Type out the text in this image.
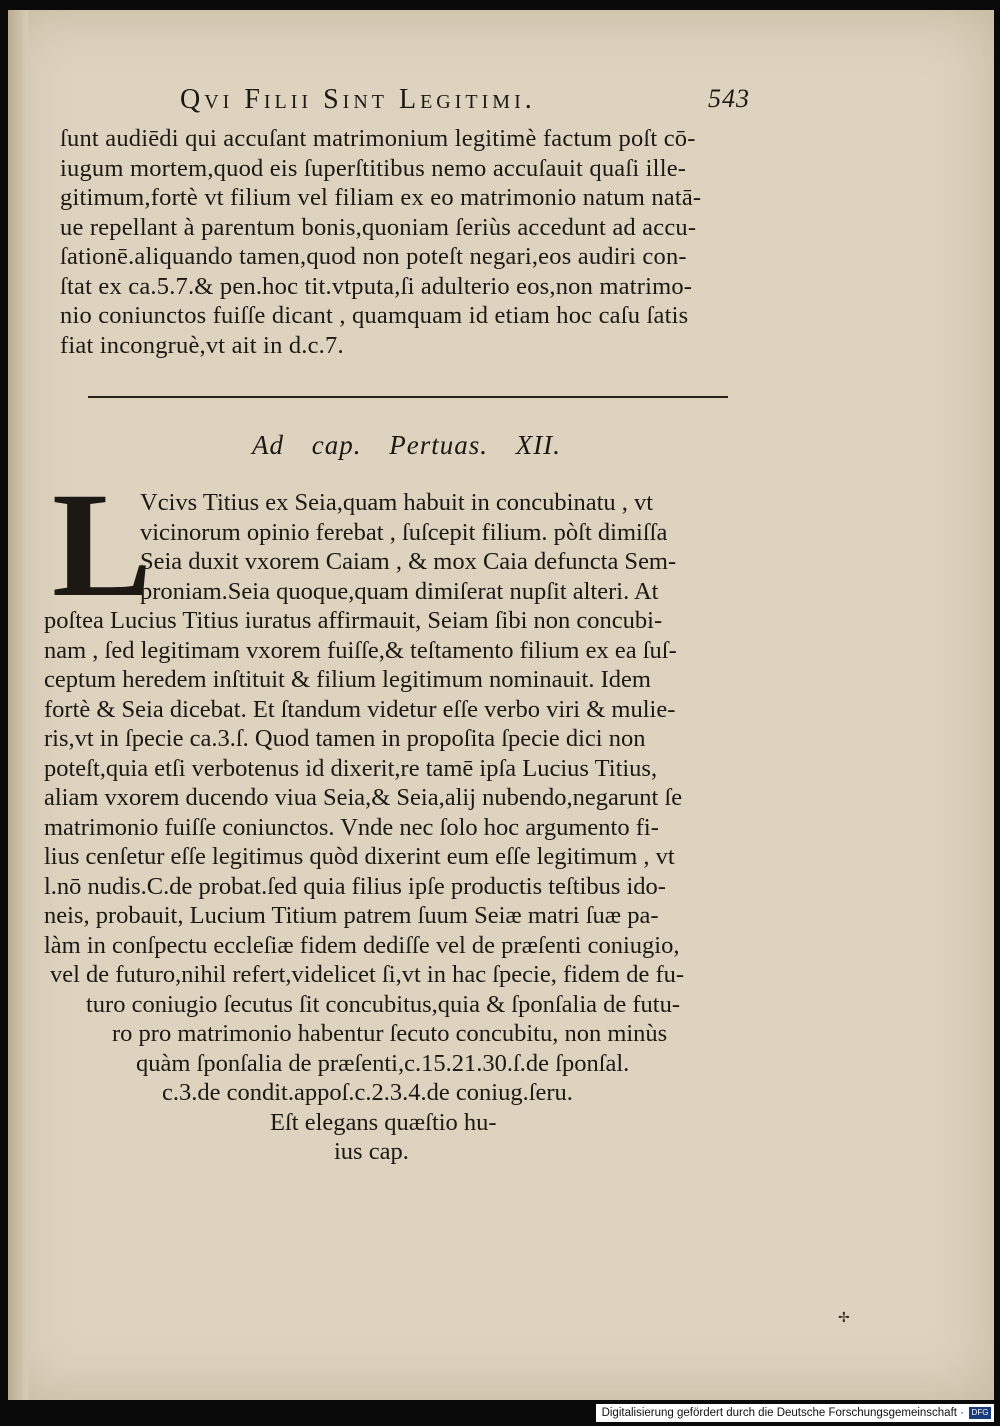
Qvi Filii Sint Legitimi.	543
ſunt audiēdi qui accuſant matrimonium legitimè factum poſt cō-
iugum mortem,quod eis ſuperſtitibus nemo accuſauit quaſi ille-
gitimum,fortè vt filium vel filiam ex eo matrimonio natum natā-
ue repellant à parentum bonis,quoniam ſeriùs accedunt ad accu-
ſationē.aliquando tamen,quod non poteſt negari,eos audiri con-
ſtat ex ca.5.7.& pen.hoc tit.vtputa,ſi adulterio eos,non matrimo-
nio coniunctos fuiſſe dicant , quamquam id etiam hoc caſu ſatis
fiat incongruè,vt ait in d.c.7.
Ad cap. Pertuas. XII.
L
Vcivs Titius ex Seia,quam habuit in concubinatu , vt
vicinorum opinio ferebat , ſuſcepit filium. pòſt dimiſſa
Seia duxit vxorem Caiam , & mox Caia defuncta Sem-
proniam.Seia quoque,quam dimiſerat nupſit alteri. At
poſtea Lucius Titius iuratus affirmauit, Seiam ſibi non concubi-
nam , ſed legitimam vxorem fuiſſe,& teſtamento filium ex ea ſuſ-
ceptum heredem inſtituit & filium legitimum nominauit. Idem
fortè & Seia dicebat. Et ſtandum videtur eſſe verbo viri & mulie-
ris,vt in ſpecie ca.3.ſ. Quod tamen in propoſita ſpecie dici non
poteſt,quia etſi verbotenus id dixerit,re tamē ipſa Lucius Titius,
aliam vxorem ducendo viua Seia,& Seia,alij nubendo,negarunt ſe
matrimonio fuiſſe coniunctos. Vnde nec ſolo hoc argumento fi-
lius cenſetur eſſe legitimus quòd dixerint eum eſſe legitimum , vt
l.nō nudis.C.de probat.ſed quia filius ipſe productis teſtibus ido-
neis, probauit, Lucium Titium patrem ſuum Seiæ matri ſuæ pa-
làm in conſpectu eccleſiæ fidem dediſſe vel de præſenti coniugio,
vel de futuro,nihil refert,videlicet ſi,vt in hac ſpecie, fidem de fu-
turo coniugio ſecutus ſit concubitus,quia & ſponſalia de futu-
ro pro matrimonio habentur ſecuto concubitu, non minùs
quàm ſponſalia de præſenti,c.15.21.30.ſ.de ſponſal.
c.3.de condit.appoſ.c.2.3.4.de coniug.ſeru.
Eſt elegans quæſtio hu-
ius cap.
✢
Digitalisierung gefördert durch die Deutsche Forschungsgemeinschaft · DFG
